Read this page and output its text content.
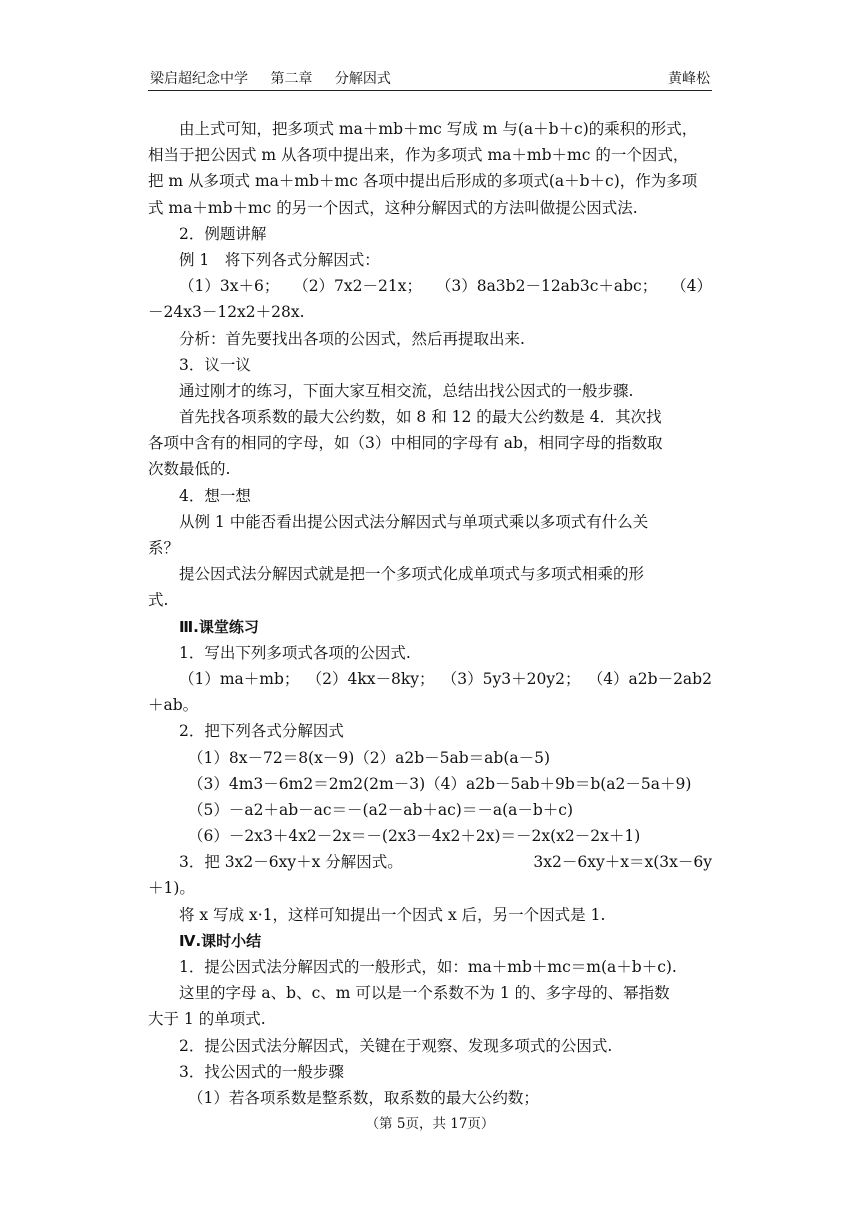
梁启超纪念中学 第二章 分解因式	黄峰松
由上式可知，把多项式 ma＋mb＋mc 写成 m 与(a＋b＋c)的乘积的形式，
相当于把公因式 m 从各项中提出来，作为多项式 ma＋mb＋mc 的一个因式，
把 m 从多项式 ma＋mb＋mc 各项中提出后形成的多项式(a＋b＋c)，作为多项
式 ma＋mb＋mc 的另一个因式，这种分解因式的方法叫做提公因式法.
2．例题讲解
例 1　将下列各式分解因式：
（1）3x＋6； （2）7x2－21x； （3）8a3b2－12ab3c＋abc； （4）
－24x3－12x2＋28x.
分析：首先要找出各项的公因式，然后再提取出来.
3．议一议
通过刚才的练习，下面大家互相交流，总结出找公因式的一般步骤.
首先找各项系数的最大公约数，如 8 和 12 的最大公约数是 4．其次找
各项中含有的相同的字母，如（3）中相同的字母有 ab，相同字母的指数取
次数最低的.
4．想一想
从例 1 中能否看出提公因式法分解因式与单项式乘以多项式有什么关
系？
提公因式法分解因式就是把一个多项式化成单项式与多项式相乘的形
式.
Ⅲ.课堂练习
1．写出下列多项式各项的公因式.
（1）ma＋mb； （2）4kx－8ky； （3）5y3＋20y2； （4）a2b－2ab2
＋ab。
2．把下列各式分解因式
（1）8x－72＝8(x－9)（2）a2b－5ab＝ab(a－5)
（3）4m3－6m2＝2m2(2m－3)（4）a2b－5ab＋9b＝b(a2－5a＋9)
（5）－a2＋ab－ac＝－(a2－ab＋ac)＝－a(a－b＋c)
（6）－2x3＋4x2－2x＝－(2x3－4x2＋2x)＝－2x(x2－2x＋1)
3．把 3x2－6xy＋x 分解因式。	3x2－6xy＋x＝x(3x－6y
＋1)。
将 x 写成 x·1，这样可知提出一个因式 x 后，另一个因式是 1.
Ⅳ.课时小结
1．提公因式法分解因式的一般形式，如：ma＋mb＋mc＝m(a＋b＋c).
这里的字母 a、b、c、m 可以是一个系数不为 1 的、多字母的、幂指数
大于 1 的单项式.
2．提公因式法分解因式，关键在于观察、发现多项式的公因式.
3．找公因式的一般步骤
（1）若各项系数是整系数，取系数的最大公约数；
（第 5页，共 17页）
